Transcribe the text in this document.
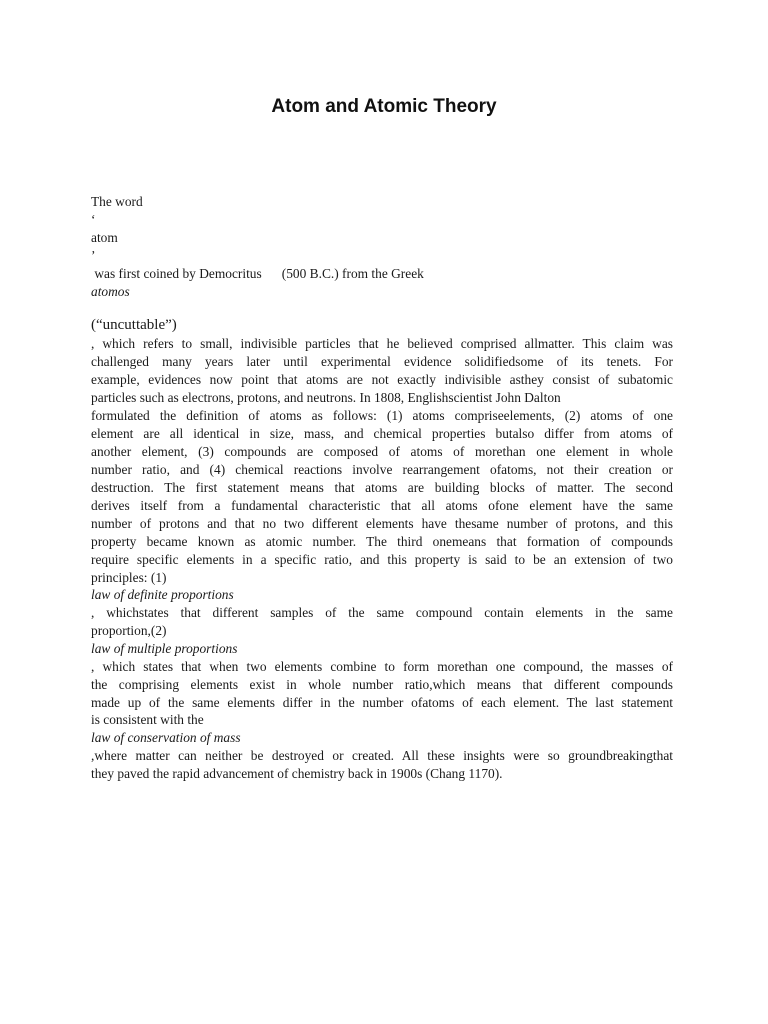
Atom and Atomic Theory

The word

‘

atom

’

was first coined by Democritus      (500 B.C.) from the Greek

atomos

(“uncuttable”)

, which refers to small, indivisible particles that he believed comprised allmatter. This claim was

challenged many years later until experimental evidence solidifiedsome of its tenets. For

example, evidences now point that atoms are not exactly indivisible asthey consist of subatomic

particles such as electrons, protons, and neutrons. In 1808, Englishscientist John Dalton

formulated the definition of atoms as follows: (1) atoms compriseelements, (2) atoms of one

element are all identical in size, mass, and chemical properties butalso differ from atoms of

another element, (3) compounds are composed of atoms of morethan one element in whole

number ratio, and (4) chemical reactions involve rearrangement ofatoms, not their creation or

destruction. The first statement means that atoms are building blocks of matter. The second

derives itself from a fundamental characteristic that all atoms ofone element have the same

number of protons and that no two different elements have thesame number of protons, and this

property became known as atomic number. The third onemeans that formation of compounds

require specific elements in a specific ratio, and this property is said to be an extension of two

principles: (1)

law of definite proportions

, whichstates that different samples of the same compound contain elements in the same

proportion,(2)

law of multiple proportions

, which states that when two elements combine to form morethan one compound, the masses of

the comprising elements exist in whole number ratio,which means that different compounds

made up of the same elements differ in the number ofatoms of each element. The last statement

is consistent with the

law of conservation of mass

,where matter can neither be destroyed or created. All these insights were so groundbreakingthat

they paved the rapid advancement of chemistry back in 1900s (Chang 1170).
